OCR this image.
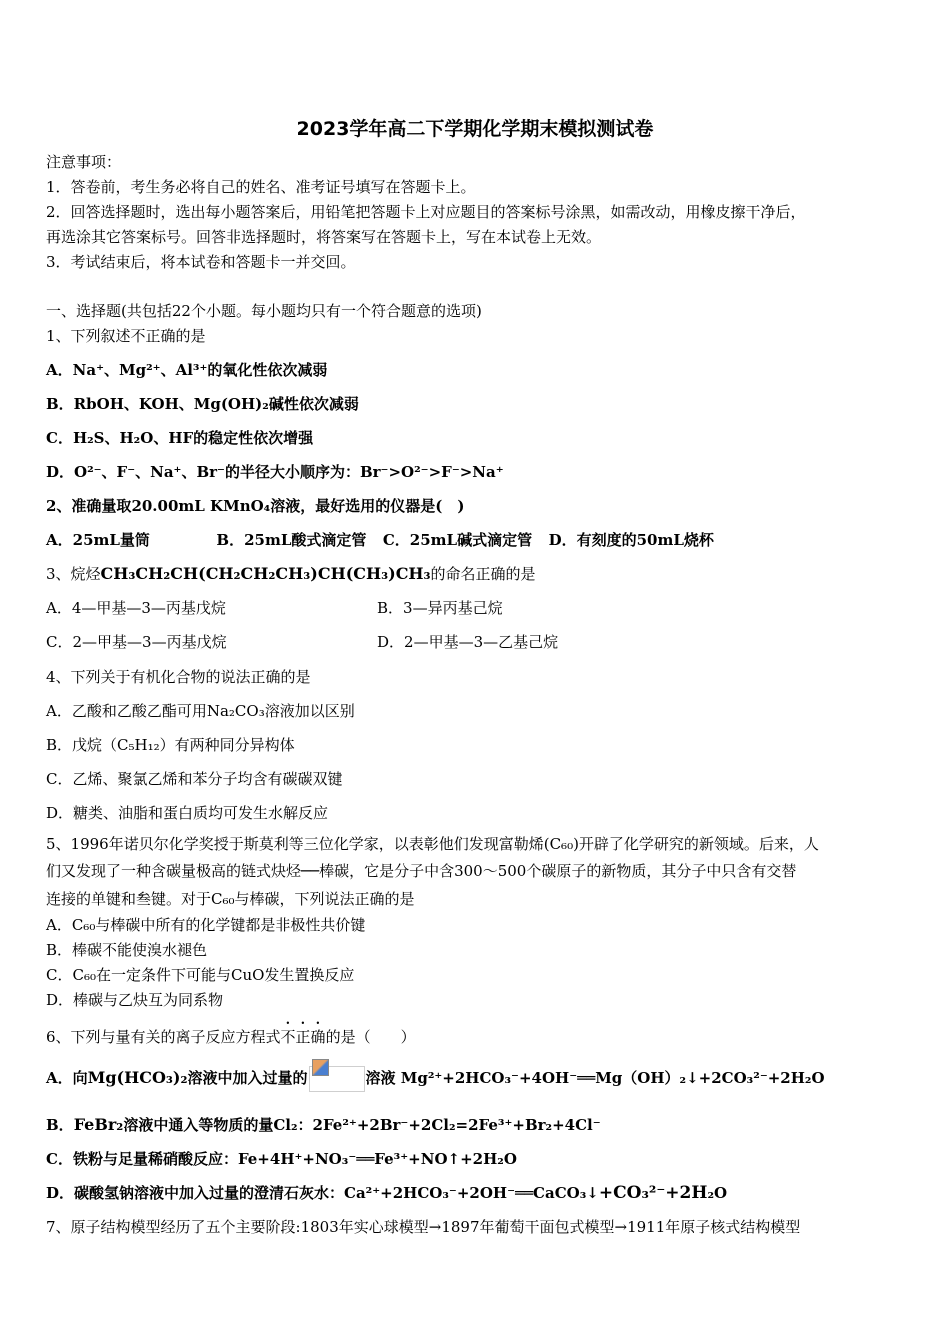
2023学年高二下学期化学期末模拟测试卷
注意事项：
1．答卷前，考生务必将自己的姓名、准考证号填写在答题卡上。
2．回答选择题时，选出每小题答案后，用铅笔把答题卡上对应题目的答案标号涂黑，如需改动，用橡皮擦干净后，
再选涂其它答案标号。回答非选择题时，将答案写在答题卡上，写在本试卷上无效。
3．考试结束后，将本试卷和答题卡一并交回。
一、选择题(共包括22个小题。每小题均只有一个符合题意的选项)
1、下列叙述不正确的是
A．Na⁺、Mg²⁺、Al³⁺的氧化性依次减弱
B．RbOH、KOH、Mg(OH)₂碱性依次减弱
C．H₂S、H₂O、HF的稳定性依次增强
D．O²⁻、F⁻、Na⁺、Br⁻的半径大小顺序为：Br⁻>O²⁻>F⁻>Na⁺
2、准确量取20.00mL KMnO₄溶液，最好选用的仪器是(　)
A．25mL量筒	B．25mL酸式滴定管 C．25mL碱式滴定管 D．有刻度的50mL烧杯
3、烷烃CH₃CH₂CH(CH₂CH₂CH₃)CH(CH₃)CH₃的命名正确的是
A．4—甲基—3—丙基戊烷	B．3—异丙基己烷
C．2—甲基—3—丙基戊烷	D．2—甲基—3—乙基己烷
4、下列关于有机化合物的说法正确的是
A．乙酸和乙酸乙酯可用Na₂CO₃溶液加以区别
B．戊烷（C₅H₁₂）有两种同分异构体
C．乙烯、聚氯乙烯和苯分子均含有碳碳双键
D．糖类、油脂和蛋白质均可发生水解反应
5、1996年诺贝尔化学奖授于斯莫利等三位化学家，以表彰他们发现富勒烯(C₆₀)开辟了化学研究的新领域。后来，人
们又发现了一种含碳量极高的链式炔烃──棒碳，它是分子中含300～500个碳原子的新物质，其分子中只含有交替
连接的单键和叁键。对于C₆₀与棒碳，下列说法正确的是
A．C₆₀与棒碳中所有的化学键都是非极性共价键
B．棒碳不能使溴水褪色
C．C₆₀在一定条件下可能与CuO发生置换反应
D．棒碳与乙炔互为同系物
6、下列与量有关的离子反应方程式不正确的是（　　）
A．向Mg(HCO₃)₂溶液中加入过量的	溶液 Mg²⁺+2HCO₃⁻+4OH⁻══Mg（OH）₂↓+2CO₃²⁻+2H₂O
B．FeBr₂溶液中通入等物质的量Cl₂：2Fe²⁺+2Br⁻+2Cl₂=2Fe³⁺+Br₂+4Cl⁻
C．铁粉与足量稀硝酸反应：Fe+4H⁺+NO₃⁻══Fe³⁺+NO↑+2H₂O
D．碳酸氢钠溶液中加入过量的澄清石灰水：Ca²⁺+2HCO₃⁻+2OH⁻══CaCO₃↓+CO₃²⁻+2H₂O
7、原子结构模型经历了五个主要阶段:1803年实心球模型→1897年葡萄干面包式模型→1911年原子核式结构模型
